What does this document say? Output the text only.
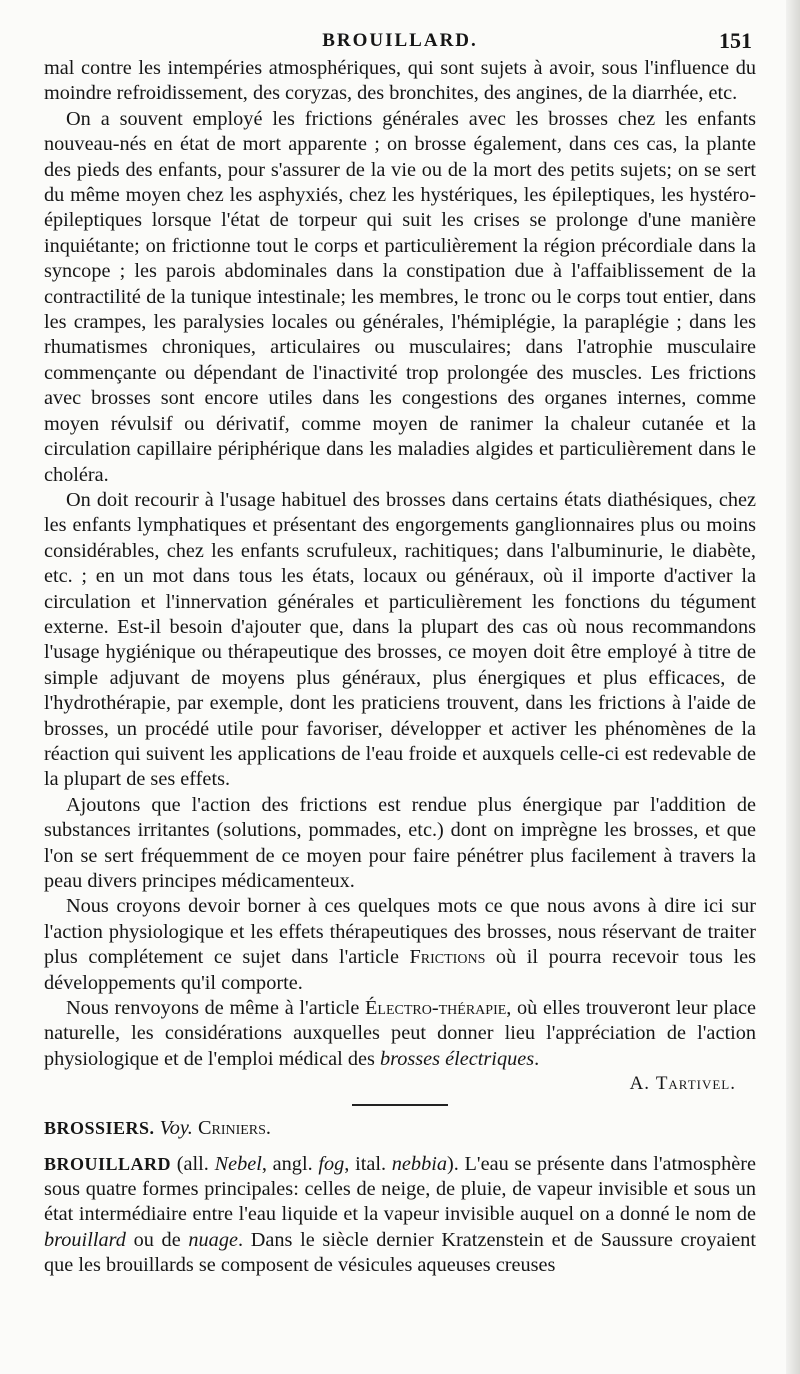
BROUILLARD.	151

mal contre les intempéries atmosphériques, qui sont sujets à avoir, sous l'influence du moindre refroidissement, des coryzas, des bronchites, des angines, de la diarrhée, etc.

On a souvent employé les frictions générales avec les brosses chez les enfants nouveau-nés en état de mort apparente ; on brosse également, dans ces cas, la plante des pieds des enfants, pour s'assurer de la vie ou de la mort des petits sujets; on se sert du même moyen chez les asphyxiés, chez les hystériques, les épileptiques, les hystéro-épileptiques lorsque l'état de torpeur qui suit les crises se prolonge d'une manière inquiétante; on frictionne tout le corps et particulièrement la région précordiale dans la syncope ; les parois abdominales dans la constipation due à l'affaiblissement de la contractilité de la tunique intestinale; les membres, le tronc ou le corps tout entier, dans les crampes, les paralysies locales ou générales, l'hémiplégie, la paraplégie ; dans les rhumatismes chroniques, articulaires ou musculaires; dans l'atrophie musculaire commençante ou dépendant de l'inactivité trop prolongée des muscles. Les frictions avec brosses sont encore utiles dans les congestions des organes internes, comme moyen révulsif ou dérivatif, comme moyen de ranimer la chaleur cutanée et la circulation capillaire périphérique dans les maladies algides et particulièrement dans le choléra.

On doit recourir à l'usage habituel des brosses dans certains états diathésiques, chez les enfants lymphatiques et présentant des engorgements ganglionnaires plus ou moins considérables, chez les enfants scrufuleux, rachitiques; dans l'albuminurie, le diabète, etc. ; en un mot dans tous les états, locaux ou généraux, où il importe d'activer la circulation et l'innervation générales et particulièrement les fonctions du tégument externe. Est-il besoin d'ajouter que, dans la plupart des cas où nous recommandons l'usage hygiénique ou thérapeutique des brosses, ce moyen doit être employé à titre de simple adjuvant de moyens plus généraux, plus énergiques et plus efficaces, de l'hydrothérapie, par exemple, dont les praticiens trouvent, dans les frictions à l'aide de brosses, un procédé utile pour favoriser, développer et activer les phénomènes de la réaction qui suivent les applications de l'eau froide et auxquels celle-ci est redevable de la plupart de ses effets.

Ajoutons que l'action des frictions est rendue plus énergique par l'addition de substances irritantes (solutions, pommades, etc.) dont on imprègne les brosses, et que l'on se sert fréquemment de ce moyen pour faire pénétrer plus facilement à travers la peau divers principes médicamenteux.

Nous croyons devoir borner à ces quelques mots ce que nous avons à dire ici sur l'action physiologique et les effets thérapeutiques des brosses, nous réservant de traiter plus complétement ce sujet dans l'article Frictions où il pourra recevoir tous les développements qu'il comporte.

Nous renvoyons de même à l'article Électro-thérapie, où elles trouveront leur place naturelle, les considérations auxquelles peut donner lieu l'appréciation de l'action physiologique et de l'emploi médical des brosses électriques.

A. Tartivel.

BROSSIERS. Voy. Criniers.

BROUILLARD (all. Nebel, angl. fog, ital. nebbia). L'eau se présente dans l'atmosphère sous quatre formes principales: celles de neige, de pluie, de vapeur invisible et sous un état intermédiaire entre l'eau liquide et la vapeur invisible auquel on a donné le nom de brouillard ou de nuage. Dans le siècle dernier Kratzenstein et de Saussure croyaient que les brouillards se composent de vésicules aqueuses creuses
